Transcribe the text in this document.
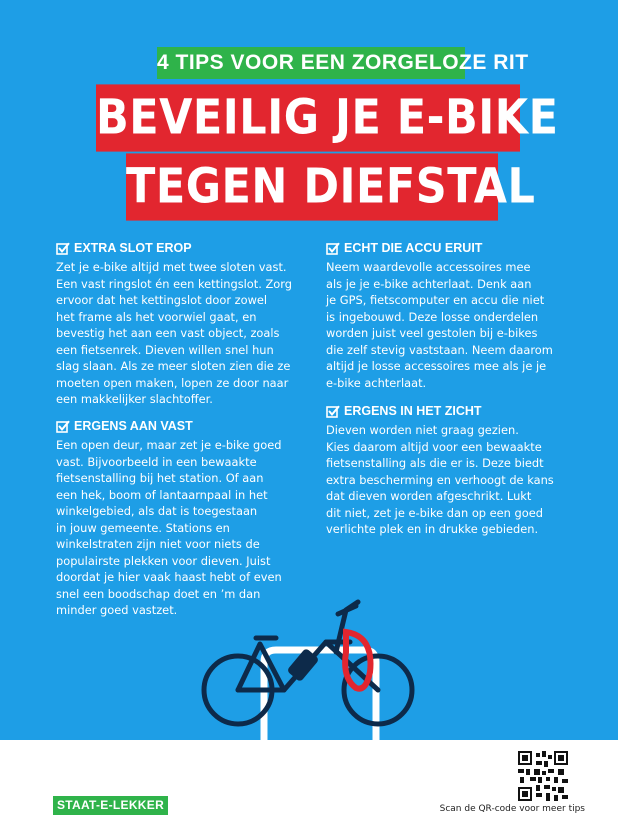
4 TIPS VOOR EEN ZORGELOZE RIT
BEVEILIG JE E-BIKE
TEGEN DIEFSTAL
EXTRA SLOT EROP

Zet je e-bike altijd met twee sloten vast.
Een vast ringslot én een kettingslot. Zorg
ervoor dat het kettingslot door zowel
het frame als het voorwiel gaat, en
bevestig het aan een vast object, zoals
een fietsenrek. Dieven willen snel hun
slag slaan. Als ze meer sloten zien die ze
moeten open maken, lopen ze door naar
een makkelijker slachtoffer.

ERGENS AAN VAST

Een open deur, maar zet je e-bike goed
vast. Bijvoorbeeld in een bewaakte
fietsenstalling bij het station. Of aan
een hek, boom of lantaarnpaal in het
winkelgebied, als dat is toegestaan
in jouw gemeente. Stations en
winkelstraten zijn niet voor niets de
populairste plekken voor dieven. Juist
doordat je hier vaak haast hebt of even
snel een boodschap doet en ’m dan
minder goed vastzet.

ECHT DIE ACCU ERUIT

Neem waardevolle accessoires mee
als je je e-bike achterlaat. Denk aan
je GPS, fietscomputer en accu die niet
is ingebouwd. Deze losse onderdelen
worden juist veel gestolen bij e-bikes
die zelf stevig vaststaan. Neem daarom
altijd je losse accessoires mee als je je
e-bike achterlaat.

ERGENS IN HET ZICHT

Dieven worden niet graag gezien.
Kies daarom altijd voor een bewaakte
fietsenstalling als die er is. Deze biedt
extra bescherming en verhoogt de kans
dat dieven worden afgeschrikt. Lukt
dit niet, zet je e-bike dan op een goed
verlichte plek en in drukke gebieden.

STAAT-E-LEKKER	Scan de QR-code voor meer tips
